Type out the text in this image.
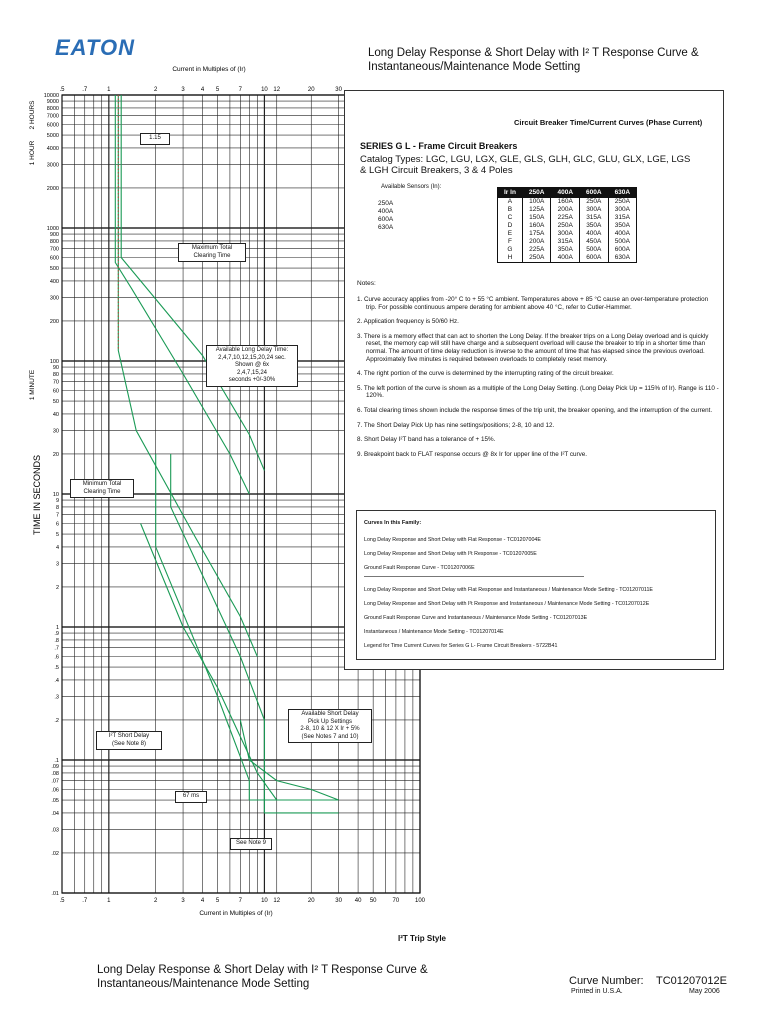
EATON	Long Delay Response & Short Delay with I² T Response Curve &
Instantaneous/Maintenance Mode Setting
.5	.7	1	2	3	4 5	7	10 12	20	30
.5	.7	1	2	3	4 5	7	10 12	20	30 40 50	70	100
10000
9000
8000
7000
6000
5000
4000
3000
2000
1000
900
800
700
600
500
400
300
200
100
90
80
70
60
50
40
30
20
10
9
8
7
6
5
4
3
2
1
.9
.8
.7
.6
.5
.4
.3
.2
.1
.09
.08
.07
.06
.05
.04
.03
.02
.01
Current in Multiples of (Ir)
Current in Multiples of (Ir)
TIME IN SECONDS
2 HOURS
1 HOUR
1 MINUTE
1.15
Maximum Total
Clearing Time
Available Long Delay Time:
2,4,7,10,12,15,20,24 sec.
Shown @ 6x
2,4,7,15,24
seconds +0/-30%
Minimum Total
Clearing Time
I²T Short Delay
(See Note 8)
Available Short Delay
Pick Up Settings
2-8, 10 & 12 X Ir + 5%
(See Notes 7 and 10)
67 ms
See Note 9
Circuit Breaker Time/Current Curves (Phase Current)
SERIES G L - Frame Circuit Breakers
Catalog Types: LGC, LGU, LGX, GLE, GLS, GLH, GLC, GLU, GLX, LGE, LGS
& LGH Circuit Breakers, 3 & 4 Poles
Available Sensors (In):
250A
400A
600A
630A
Ir In	250A	400A	600A	630A
A	100A	160A	250A	250A
B	125A	200A	300A	300A
C	150A	225A	315A	315A
D	160A	250A	350A	350A
E	175A	300A	400A	400A
F	200A	315A	450A	500A
G	225A	350A	500A	600A
H	250A	400A	600A	630A
Notes:

1. Curve accuracy applies from -20° C to + 55 °C ambient. Temperatures above + 85 °C cause an over-temperature protection trip. For possible continuous ampere derating for ambient above 40 °C, refer to Cutler-Hammer.

2. Application frequency is 50/60 Hz.

3. There is a memory effect that can act to shorten the Long Delay. If the breaker trips on a Long Delay overload and is quickly reset, the memory cap will still have charge and a subsequent overload will cause the breaker to trip in a shorter time than normal. The amount of time delay reduction is inverse to the amount of time that has elapsed since the previous overload. Approximately five minutes is required between overloads to completely reset memory.

4. The right portion of the curve is determined by the interrupting rating of the circuit breaker.

5. The left portion of the curve is shown as a multiple of the Long Delay Setting. (Long Delay Pick Up = 115% of Ir). Range is 110 - 120%.

6. Total clearing times shown include the response times of the trip unit, the breaker opening, and the interruption of the current.

7. The Short Delay Pick Up has nine settings/positions; 2-8, 10 and 12.

8. Short Delay I²T band has a tolerance of + 15%.

9. Breakpoint back to FLAT response occurs @ 8x Ir for upper line of the I²T curve.

Curves In this Family:
Long Delay Response and Short Delay with Flat Response - TC01207004E
Long Delay Response and Short Delay with I²t Response - TC01207005E
Ground Fault Response Curve - TC01207006E
Long Delay Response and Short Delay with Flat Response and Instantaneous / Maintenance Mode Setting - TC01207011E
Long Delay Response and Short Delay with I²t Response and Instantaneous / Maintenance Mode Setting - TC01207012E
Ground Fault Response Curve and Instantaneous / Maintenance Mode Setting - TC01207013E
Instantaneous / Maintenance Mode Setting - TC01207014E
Legend for Time Current Curves for Series G L- Frame Circuit Breakers - 5722B41
I²T Trip Style
Long Delay Response & Short Delay with I² T Response Curve &
Instantaneous/Maintenance Mode Setting	Curve Number: TC01207012E
Printed in U.S.A.	May 2006
